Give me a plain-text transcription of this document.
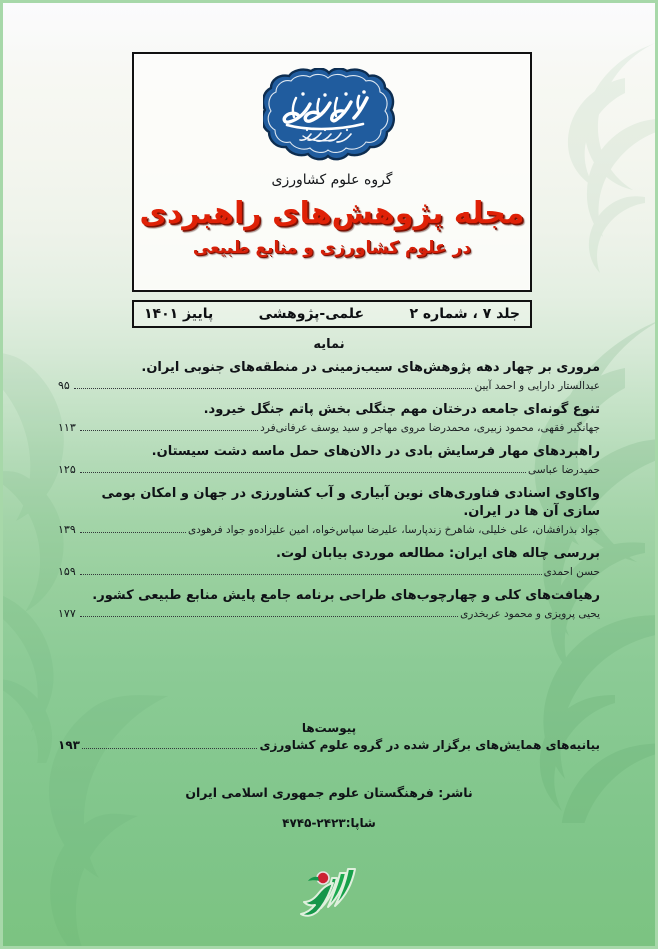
گروه علوم کشاورزی
مجله پژوهش‌های راهبردی
در علوم کشاورزی و منابع طبیعی
جلد ۷ ، شماره ۲
علمی-پژوهشی
پاییز ۱۴۰۱
نمایه
مروری بر چهار دهه پژوهش‌های سیب‌زمینی در منطقه‌های جنوبی ایران.
عبدالستار دارایی و احمد آیین
۹۵
تنوع گونه‌ای جامعه درختان مهم جنگلی بخش پاتم جنگل خیرود.
جهانگیر فقهی، محمود زبیری، محمدرضا مروی مهاجر و سید یوسف عرفانی‌فرد
۱۱۳
راهبردهای مهار فرسایش بادی در دالان‌های حمل ماسه دشت سیستان.
حمیدرضا عباسی
۱۲۵
واکاوی اسنادی فناوری‌های نوین آبیاری و آب کشاورزی در جهان و امکان بومی سازی آن ها در ایران.
جواد بذرافشان، علی خلیلی، شاهرخ زندپارسا، علیرضا سپاس‌خواه، امین علیزاده‌و جواد فرهودی
۱۳۹
بررسی چاله های ایران: مطالعه موردی بیابان لوت.
حسن احمدی
۱۵۹
رهیافت‌های کلی و چهارچوب‌های طراحی برنامه جامع پایش منابع طبیعی کشور.
یحیی پرویزی و محمود عربخدری
۱۷۷
پیوست‌ها
بیانیه‌های همایش‌های برگزار شده در گروه علوم کشاورزی
۱۹۳
ناشر: فرهنگستان علوم جمهوری اسلامی ایران
شاپا:۲۴۲۳-۴۷۴۵
